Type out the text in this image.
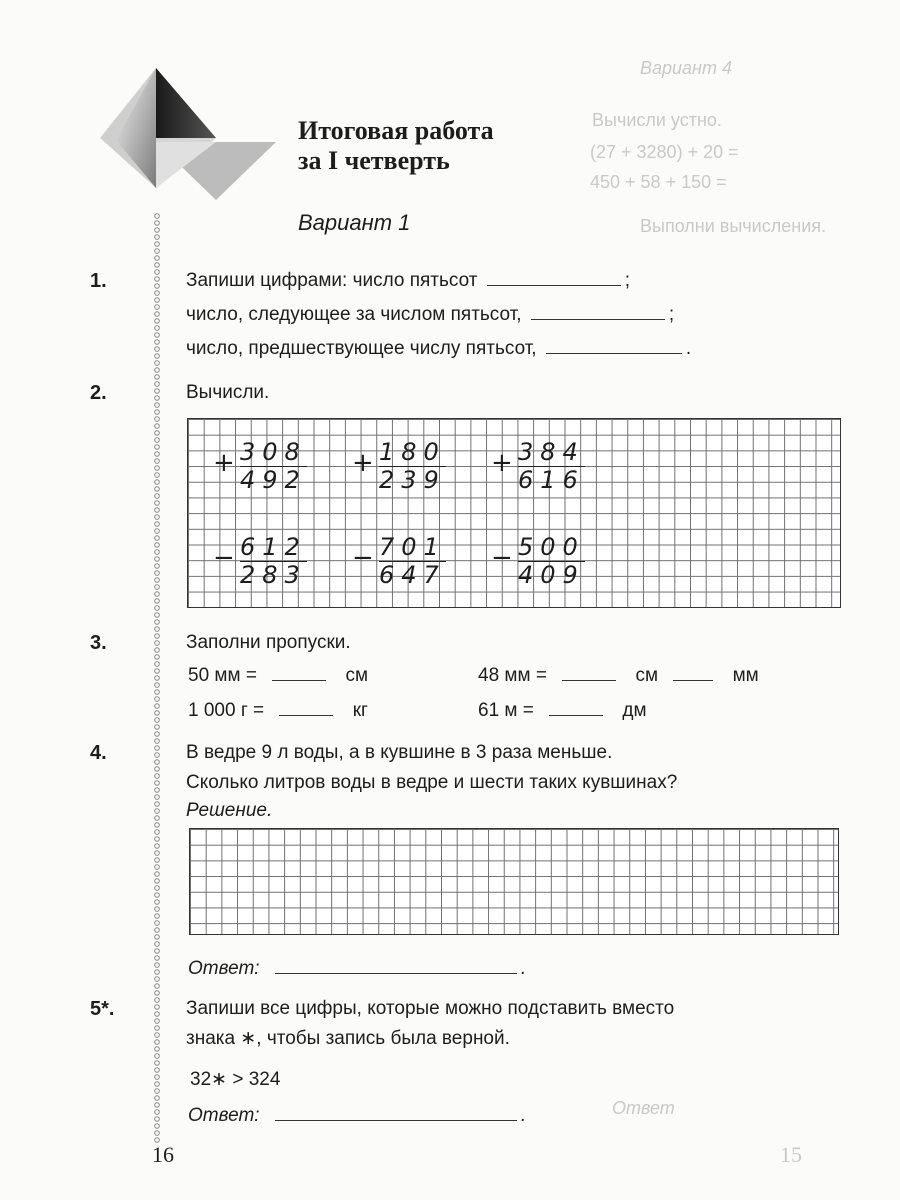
Вариант 4
Вычисли устно.
(27 + 3280) + 20 =
450 + 58 + 150 =
Выполни вычисления.
Ответ
15
Итоговая работа
за I четверть
Вариант 1
1.	Запиши цифрами: число пятьсот	;
число, следующее за числом пятьсот,	;
число, предшествующее числу пятьсот,	.
2.	Вычисли.
+ 308
492
+ 180
239
+ 384
616
− 612
283
− 701
647
− 500
409
3.	Заполни пропуски.
50 мм =	см	48 мм =	см	мм
1 000 г =	кг	61 м =	дм
4.	В ведре 9 л воды, а в кувшине в 3 раза меньше.
Сколько литров воды в ведре и шести таких кувшинах?
Решение.
Ответ:	.
5*.	Запиши все цифры, которые можно подставить вместо
знака ∗, чтобы запись была верной.
32∗ > 324
Ответ:	.
16
